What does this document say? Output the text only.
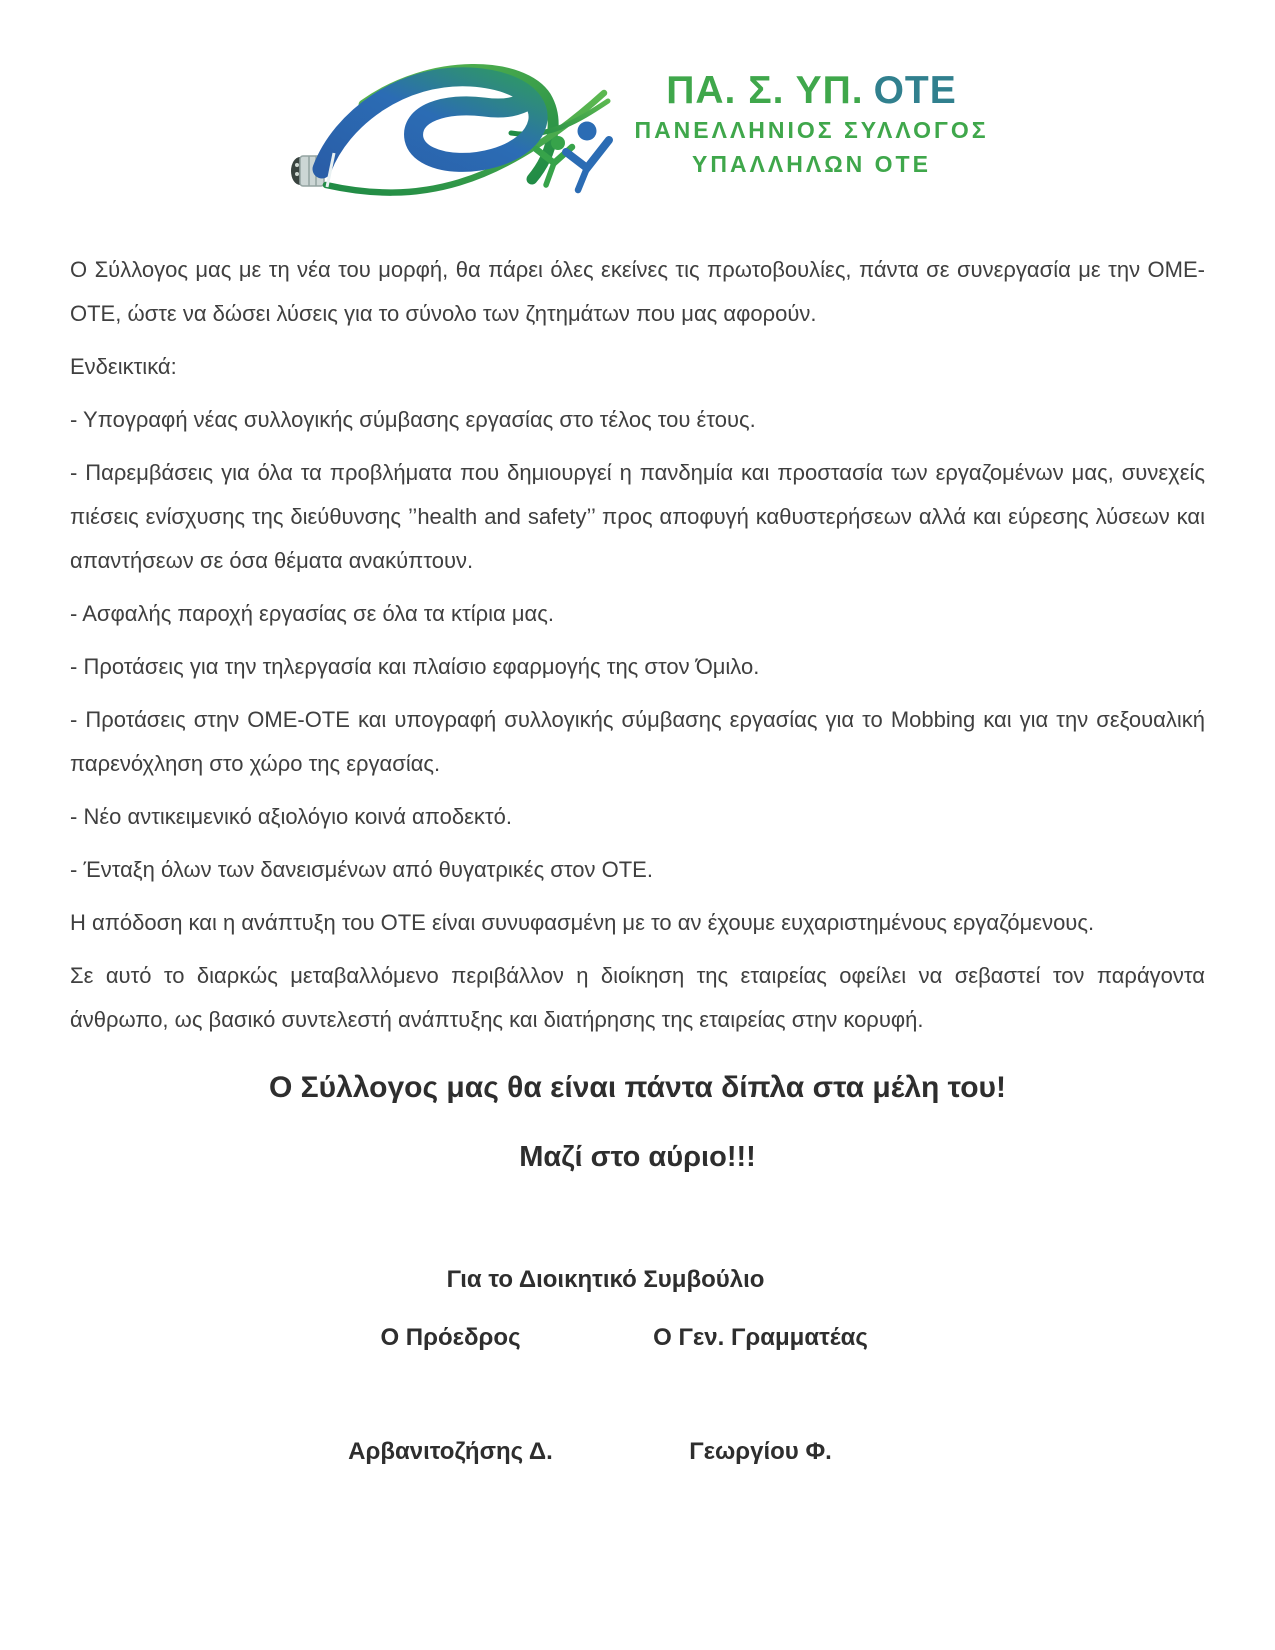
ΠΑ. Σ. ΥΠ. ΟΤΕ
ΠΑΝΕΛΛΗΝΙΟΣ ΣΥΛΛΟΓΟΣ
ΥΠΑΛΛΗΛΩΝ ΟΤΕ

Ο Σύλλογος μας με τη νέα του μορφή, θα πάρει όλες εκείνες τις πρωτοβουλίες, πάντα σε συνεργασία με την ΟΜΕ-ΟΤΕ, ώστε να δώσει λύσεις για το σύνολο των ζητημάτων που μας αφορούν.

Ενδεικτικά:

- Υπογραφή νέας συλλογικής σύμβασης εργασίας στο τέλος του έτους.

- Παρεμβάσεις για όλα τα προβλήματα που δημιουργεί η πανδημία και προστασία των εργαζομένων μας, συνεχείς πιέσεις ενίσχυσης της διεύθυνσης ’’health and safety’’ προς αποφυγή καθυστερήσεων αλλά και εύρεσης λύσεων και απαντήσεων σε όσα θέματα ανακύπτουν.

- Ασφαλής παροχή εργασίας σε όλα τα κτίρια μας.

- Προτάσεις για την τηλεργασία και πλαίσιο εφαρμογής της στον Όμιλο.

- Προτάσεις στην ΟΜΕ-ΟΤΕ και υπογραφή συλλογικής σύμβασης εργασίας για το Mobbing και για την σεξουαλική παρενόχληση στο χώρο της εργασίας.

- Νέο αντικειμενικό αξιολόγιο κοινά αποδεκτό.

- Ένταξη όλων των δανεισμένων από θυγατρικές στον ΟΤΕ.

Η απόδοση και η ανάπτυξη του ΟΤΕ είναι συνυφασμένη με το αν έχουμε ευχαριστημένους εργαζόμενους.

Σε αυτό το διαρκώς μεταβαλλόμενο περιβάλλον η διοίκηση της εταιρείας οφείλει να σεβαστεί τον παράγοντα άνθρωπο, ως βασικό συντελεστή ανάπτυξης και διατήρησης της εταιρείας στην κορυφή.

Ο Σύλλογος μας θα είναι πάντα δίπλα στα μέλη του!
Μαζί στο αύριο!!!
Για το Διοικητικό Συμβούλιο
Ο Πρόεδρος	Ο Γεν. Γραμματέας
Αρβανιτοζήσης Δ.	Γεωργίου Φ.
